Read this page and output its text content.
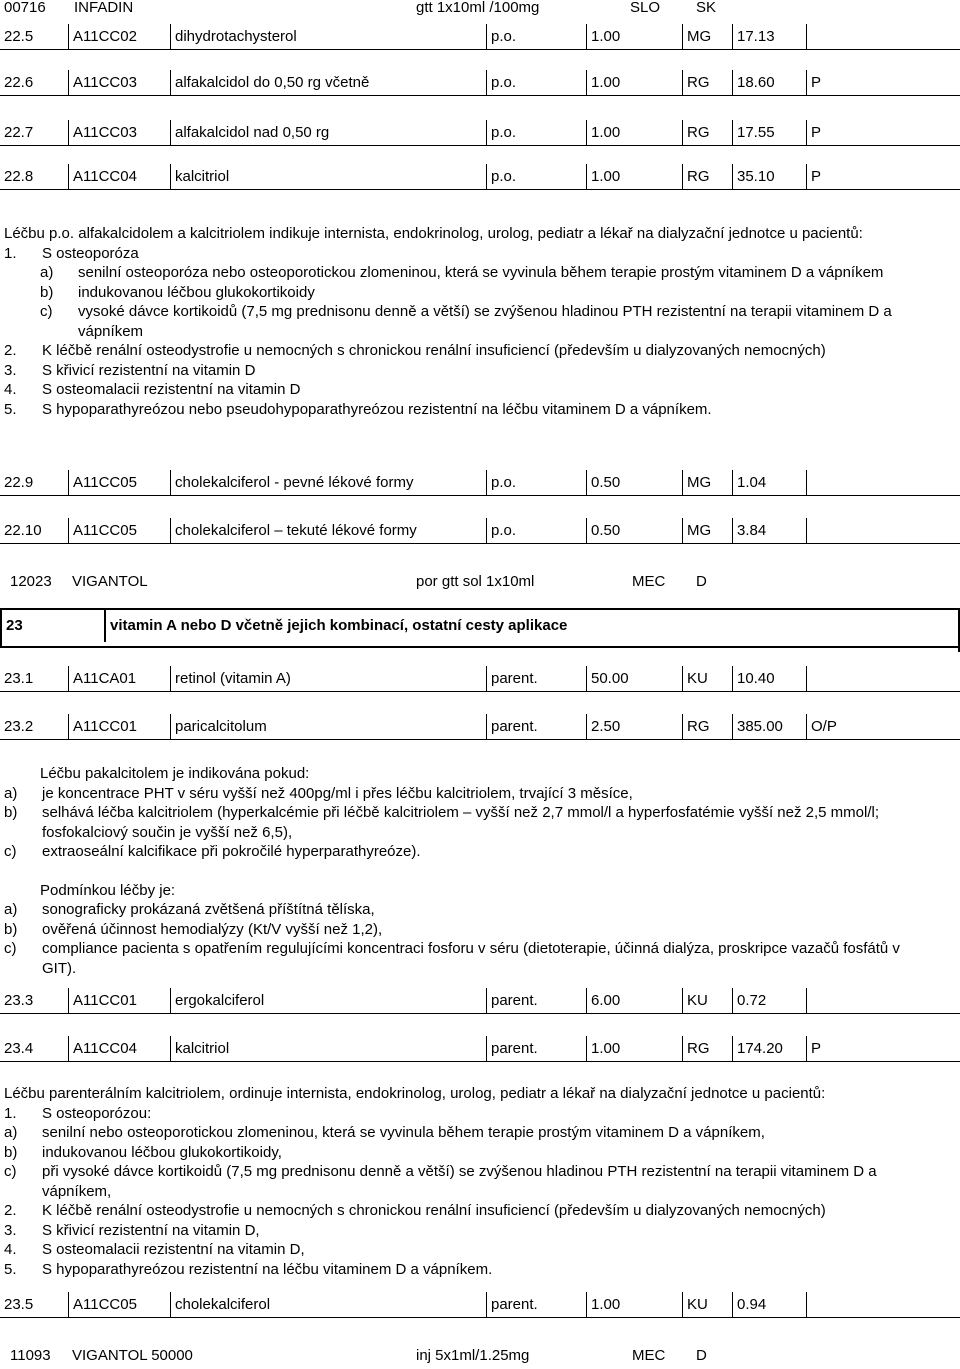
00716 INFADIN	gtt 1x10ml /100mg	SLO SK
22.5	A11CC02	dihydrotachysterol	p.o.	1.00	MG	17.13
22.6	A11CC03	alfakalcidol do 0,50 rg včetně	p.o.	1.00	RG	18.60	P
22.7	A11CC03	alfakalcidol nad 0,50 rg	p.o.	1.00	RG	17.55	P
22.8	A11CC04	kalcitriol	p.o.	1.00	RG	35.10	P
Léčbu p.o. alfakalcidolem a kalcitriolem indikuje internista, endokrinolog, urolog, pediatr a lékař na dialyzační jednotce u pacientů:
1. S osteoporóza
a) senilní osteoporóza nebo osteoporotickou zlomeninou, která se vyvinula během terapie prostým vitaminem D a vápníkem
b) indukovanou léčbou glukokortikoidy
c) vysoké dávce kortikoidů (7,5 mg prednisonu denně a větší) se zvýšenou hladinou PTH rezistentní na terapii vitaminem D a vápníkem
2. K léčbě renální osteodystrofie u nemocných s chronickou renální insuficiencí (především u dialyzovaných nemocných)
3. S křivicí rezistentní na vitamin D
4. S osteomalacii rezistentní na vitamin D
5. S hypoparathyreózou nebo pseudohypoparathyreózou rezistentní na léčbu vitaminem D a vápníkem.
22.9	A11CC05	cholekalciferol - pevné lékové formy	p.o.	0.50	MG	1.04
22.10	A11CC05	cholekalciferol – tekuté lékové formy	p.o.	0.50	MG	3.84
12023 VIGANTOL	por gtt sol 1x10ml	MEC D
23	vitamin A nebo D včetně jejich kombinací, ostatní cesty aplikace
23.1	A11CA01	retinol (vitamin A)	parent.	50.00	KU	10.40
23.2	A11CC01	paricalcitolum	parent.	2.50	RG	385.00	O/P
Léčbu pakalcitolem je indikována pokud:
a) je koncentrace PHT v séru vyšší než 400pg/ml i přes léčbu kalcitriolem, trvající 3 měsíce,
b) selhává léčba kalcitriolem (hyperkalcémie při léčbě kalcitriolem – vyšší než 2,7 mmol/l a hyperfosfatémie vyšší než 2,5 mmol/l; fosfokalciový součin je vyšší než 6,5),
c) extraoseální kalcifikace při pokročilé hyperparathyreóze).
Podmínkou léčby je:
a) sonograficky prokázaná zvětšená příštítná tělíska,
b) ověřená účinnost hemodialýzy (Kt/V vyšší než 1,2),
c) compliance pacienta s opatřením regulujícími koncentraci fosforu v séru (dietoterapie, účinná dialýza, proskripce vazačů fosfátů v GIT).
23.3	A11CC01	ergokalciferol	parent.	6.00	KU	0.72
23.4	A11CC04	kalcitriol	parent.	1.00	RG	174.20	P
Léčbu parenterálním kalcitriolem, ordinuje internista, endokrinolog, urolog, pediatr a lékař na dialyzační jednotce u pacientů:
1. S osteoporózou:
a) senilní nebo osteoporotickou zlomeninou, která se vyvinula během terapie prostým vitaminem D a vápníkem,
b) indukovanou léčbou glukokortikoidy,
c) při vysoké dávce kortikoidů (7,5 mg prednisonu denně a větší) se zvýšenou hladinou PTH rezistentní na terapii vitaminem D a vápníkem,
2. K léčbě renální osteodystrofie u nemocných s chronickou renální insuficiencí (především u dialyzovaných nemocných)
3. S křivicí rezistentní na vitamin D,
4. S osteomalacii rezistentní na vitamin D,
5. S hypoparathyreózou rezistentní na léčbu vitaminem D a vápníkem.
23.5	A11CC05	cholekalciferol	parent.	1.00	KU	0.94
11093 VIGANTOL 50000	inj 5x1ml/1.25mg	MEC D
